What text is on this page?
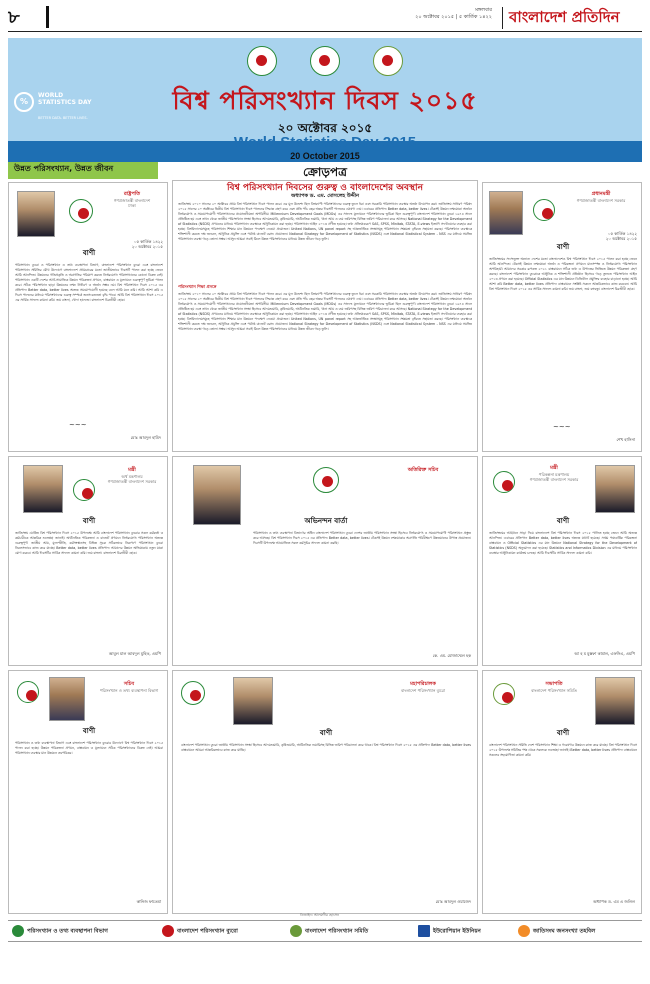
৮	মঙ্গলবার
২০ অক্টোবর ২০১৫ | ৫ কার্তিক ১৪২২	বাংলাদেশ প্রতিদিন
%
WORLD STATISTICS DAY
BETTER DATA. BETTER LIVES.
বিশ্ব পরিসংখ্যান দিবস ২০১৫
২০ অক্টোবর ২০১৫
World Statistics Day 2015
20 October 2015
উন্নত পরিসংখ্যান, উন্নত জীবন	ক্রোড়পত্র
রাষ্ট্রপতি
গণপ্রজাতন্ত্রী বাংলাদেশ
ঢাকা
০৫ কার্তিক ১৪২২
২০ অক্টোবর ২০১৫
বাণী
পরিসংখ্যান ব্যুরো ও পরিসংখ্যান ও তথ্য ব্যবস্থাপনা বিভাগ, বাংলাদেশ পরিসংখ্যান ব্যুরো এবং বাংলাদেশ পরিসংখ্যান সমিতির যৌথ উদ্যোগে বাংলাদেশে প্রথমবারের মতো জাতীয়ভাবে দিবসটি পালন করা হচ্ছে জেনে আমি আনন্দিত। উন্নয়নের গতিপ্রকৃতি ও অগ্রগতির পরিমাপ করতে নির্ভরযোগ্য পরিসংখ্যানের কোনো বিকল্প নেই। পরিসংখ্যান একটি দেশের আর্থ-সামাজিক উন্নয়ন পরিকল্পনা প্রণয়ন, বাস্তবায়ন ও মূল্যায়নে গুরুত্বপূর্ণ ভূমিকা পালন করে। সঠিক পরিসংখ্যান ছাড়া উন্নয়নের লক্ষ্য নির্ধারণ ও অর্জন সম্ভব নয়। বিশ্ব পরিসংখ্যান দিবস ২০১৫ এর প্রতিপাদ্য Better data, better lives অত্যন্ত সময়োপযোগী হয়েছে বলে আমি মনে করি। আমি আশা করি এ দিবস পালনের মাধ্যমে পরিসংখ্যানের গুরুত্ব সম্পর্কে জনসচেতনতা বৃদ্ধি পাবে। আমি বিশ্ব পরিসংখ্যান দিবস ২০১৫ এর সার্বিক সাফল্য কামনা করি। জয় বাংলা, খোদা হাফেজ। বাংলাদেশ চিরজীবী হোক।
~~~
মোঃ আবদুল হামিদ
বিশ্ব পরিসংখ্যান দিবসের গুরুত্ব ও বাংলাদেশের অবস্থান
অধ্যাপক ড. এম. মোসলেহ উদ্দীন
জাতিসংঘ ২০১০ সালের ২০ অক্টোবর প্রথম বিশ্ব পরিসংখ্যান দিবস পালন করে। এর মূল উদ্দেশ্য ছিল বিশ্বব্যাপী পরিসংখ্যানের গুরুত্ব তুলে ধরা এবং সরকারি পরিসংখ্যান ব্যবস্থার অর্জন উদযাপন করা। জাতিসংঘ সাধারণ পরিষদ ২০১৫ সালের ২০ অক্টোবর দ্বিতীয় বিশ্ব পরিসংখ্যান দিবস পালনের সিদ্ধান্ত গ্রহণ করে এবং প্রতি পাঁচ বছর অন্তর দিবসটি পালনের ঘোষণা দেয়। এবারের প্রতিপাদ্য Better data, better lives। টেকসই উন্নয়ন লক্ষ্যমাত্রা অর্জনে নির্ভরযোগ্য ও সময়োপযোগী পরিসংখ্যানের প্রয়োজনীয়তা অপরিসীম। Millennium Development Goals (MDGs) এর সাফল্য মূল্যায়নে পরিসংখ্যানের ভূমিকা ছিল গুরুত্বপূর্ণ। বাংলাদেশ পরিসংখ্যান ব্যুরো ১৯৭৪ সালে প্রতিষ্ঠিত হয় এবং তখন থেকে জাতীয় পরিসংখ্যান সংস্থা হিসেবে আদমশুমারি, কৃষিশুমারি, অর্থনৈতিক শুমারি, খানা আয় ও ব্যয় জরিপসহ বিভিন্ন জরিপ পরিচালনা করে আসছে। National Strategy for the Development of Statistics (NSDS) প্রণয়নের মাধ্যমে পরিসংখ্যান ব্যবস্থাকে আধুনিকায়ন করা হচ্ছে। পরিসংখ্যান আইন ২০১৩ প্রণীত হয়েছে। তথ্য প্রক্রিয়াকরণে SAS, SPSS, Minitab, STATA, E-views ইত্যাদি সফটওয়্যার ব্যবহার করা হচ্ছে। বিশ্ববিদ্যালয়সমূহে পরিসংখ্যান শিক্ষার মান উন্নয়নে পদক্ষেপ নেওয়া প্রয়োজন। United Nations, UN panel report সহ আন্তর্জাতিক সংস্থাসমূহ পরিসংখ্যান সক্ষমতা বৃদ্ধিতে সহায়তা করছে। পরিসংখ্যান ব্যবস্থাকে শক্তিশালী করতে দক্ষ জনবল, আধুনিক প্রযুক্তি এবং পর্যাপ্ত বাজেট বরাদ্দ প্রয়োজন। National Strategy for Development of Statistics (NSDS) এবং National Statistical System - NSS এর মাধ্যমে সমন্বিত পরিসংখ্যান ব্যবস্থা গড়ে তোলা সম্ভব। আসুন আমরা সবাই মিলে উন্নত পরিসংখ্যানের মাধ্যমে উন্নত জীবন গড়ে তুলি।
পরিসংখ্যান শিক্ষা প্রসঙ্গে
জাতিসংঘ ২০১০ সালের ২০ অক্টোবর প্রথম বিশ্ব পরিসংখ্যান দিবস পালন করে। এর মূল উদ্দেশ্য ছিল বিশ্বব্যাপী পরিসংখ্যানের গুরুত্ব তুলে ধরা এবং সরকারি পরিসংখ্যান ব্যবস্থার অর্জন উদযাপন করা। জাতিসংঘ সাধারণ পরিষদ ২০১৫ সালের ২০ অক্টোবর দ্বিতীয় বিশ্ব পরিসংখ্যান দিবস পালনের সিদ্ধান্ত গ্রহণ করে এবং প্রতি পাঁচ বছর অন্তর দিবসটি পালনের ঘোষণা দেয়। এবারের প্রতিপাদ্য Better data, better lives। টেকসই উন্নয়ন লক্ষ্যমাত্রা অর্জনে নির্ভরযোগ্য ও সময়োপযোগী পরিসংখ্যানের প্রয়োজনীয়তা অপরিসীম। Millennium Development Goals (MDGs) এর সাফল্য মূল্যায়নে পরিসংখ্যানের ভূমিকা ছিল গুরুত্বপূর্ণ। বাংলাদেশ পরিসংখ্যান ব্যুরো ১৯৭৪ সালে প্রতিষ্ঠিত হয় এবং তখন থেকে জাতীয় পরিসংখ্যান সংস্থা হিসেবে আদমশুমারি, কৃষিশুমারি, অর্থনৈতিক শুমারি, খানা আয় ও ব্যয় জরিপসহ বিভিন্ন জরিপ পরিচালনা করে আসছে। National Strategy for the Development of Statistics (NSDS) প্রণয়নের মাধ্যমে পরিসংখ্যান ব্যবস্থাকে আধুনিকায়ন করা হচ্ছে। পরিসংখ্যান আইন ২০১৩ প্রণীত হয়েছে। তথ্য প্রক্রিয়াকরণে SAS, SPSS, Minitab, STATA, E-views ইত্যাদি সফটওয়্যার ব্যবহার করা হচ্ছে। বিশ্ববিদ্যালয়সমূহে পরিসংখ্যান শিক্ষার মান উন্নয়নে পদক্ষেপ নেওয়া প্রয়োজন। United Nations, UN panel report সহ আন্তর্জাতিক সংস্থাসমূহ পরিসংখ্যান সক্ষমতা বৃদ্ধিতে সহায়তা করছে। পরিসংখ্যান ব্যবস্থাকে শক্তিশালী করতে দক্ষ জনবল, আধুনিক প্রযুক্তি এবং পর্যাপ্ত বাজেট বরাদ্দ প্রয়োজন। National Strategy for Development of Statistics (NSDS) এবং National Statistical System - NSS এর মাধ্যমে সমন্বিত পরিসংখ্যান ব্যবস্থা গড়ে তোলা সম্ভব। আসুন আমরা সবাই মিলে উন্নত পরিসংখ্যানের মাধ্যমে উন্নত জীবন গড়ে তুলি।
প্রধানমন্ত্রী
গণপ্রজাতন্ত্রী বাংলাদেশ সরকার
০৫ কার্তিক ১৪২২
২০ অক্টোবর ২০১৫
বাণী
জাতিসংঘের সদস্যভুক্ত অন্যান্য দেশের মতো বাংলাদেশেও বিশ্ব পরিসংখ্যান দিবস ২০১৫ পালন করা হচ্ছে জেনে আমি আনন্দিত। টেকসই উন্নয়ন লক্ষ্যমাত্রা অর্জন ও পরিকল্পনা প্রণয়নে মানসম্পন্ন ও নির্ভরযোগ্য পরিসংখ্যান অপরিহার্য। আমাদের সরকার রূপকল্প ২০২১ বাস্তবায়নে সঠিক তথ্য ও উপাত্তের ভিত্তিতে উন্নয়ন পরিকল্পনা গ্রহণ করছে। বাংলাদেশ পরিসংখ্যান ব্যুরোকে আধুনিক ও শক্তিশালী প্রতিষ্ঠান হিসেবে গড়ে তুলতে পরিসংখ্যান আইন ২০১৩ প্রণয়ন করা হয়েছে। Official Statistics এর মান উন্নয়নে ডিজিটাল প্রযুক্তির ব্যবহার বাড়ানো হচ্ছে। আমি আশা করি Better data, better lives প্রতিপাদ্য বাস্তবায়নে সংশ্লিষ্ট সকলে আন্তরিকভাবে কাজ করবেন। আমি বিশ্ব পরিসংখ্যান দিবস ২০১৫ এর সার্বিক সাফল্য কামনা করি। জয় বাংলা, জয় বঙ্গবন্ধু। বাংলাদেশ চিরজীবী হোক।
~~~
শেখ হাসিনা
মন্ত্রী
অর্থ মন্ত্রণালয়
গণপ্রজাতন্ত্রী বাংলাদেশ সরকার
বাণী
জাতিসংঘ ঘোষিত বিশ্ব পরিসংখ্যান দিবস ২০১৫ উপলক্ষে আমি বাংলাদেশ পরিসংখ্যান ব্যুরোর সকল কর্মকর্তা ও কর্মচারীকে আন্তরিক শুভেচ্ছা জানাই। অর্থনৈতিক পরিকল্পনা ও বাজেট প্রণয়নে নির্ভরযোগ্য পরিসংখ্যান অত্যন্ত গুরুত্বপূর্ণ। জাতীয় আয়, মূল্যস্ফীতি, কর্মসংস্থানসহ বিভিন্ন সূচক সঠিকভাবে নিরূপণে পরিসংখ্যান ব্যুরো নিরলসভাবে কাজ করে যাচ্ছে। Better data, better lives প্রতিপাদ্য আমাদের উন্নয়ন অভিযাত্রায় নতুন মাত্রা যোগ করবে। আমি দিবসটির সার্বিক সাফল্য কামনা করি। জয় বাংলা। বাংলাদেশ চিরজীবী হোক।
আবুল মাল আবদুল মুহিত, এমপি
অতিরিক্ত সচিব
অভিনন্দন বার্তা
পরিসংখ্যান ও তথ্য ব্যবস্থাপনা বিভাগের অধীন বাংলাদেশ পরিসংখ্যান ব্যুরো দেশের জাতীয় পরিসংখ্যান সংস্থা হিসেবে নির্ভরযোগ্য ও সময়োপযোগী পরিসংখ্যান প্রস্তুত করে আসছে। বিশ্ব পরিসংখ্যান দিবস ২০১৫ এর প্রতিপাদ্য Better data, better lives। টেকসই উন্নয়ন লক্ষ্যমাত্রার অগ্রগতি পরিবীক্ষণে উন্নতমানের উপাত্ত প্রয়োজন। দিবসটি উপলক্ষে আয়োজিত সকল কর্মসূচির সাফল্য কামনা করছি।
কে. এম. মোজাম্মেল হক
মন্ত্রী
পরিকল্পনা মন্ত্রণালয়
গণপ্রজাতন্ত্রী বাংলাদেশ সরকার
বাণী
জাতিসংঘের আহ্বানে সাড়া দিয়ে বাংলাদেশে বিশ্ব পরিসংখ্যান দিবস ২০১৫ পালিত হচ্ছে জেনে আমি অত্যন্ত আনন্দিত। এবারের প্রতিপাদ্য Better data, better lives অত্যন্ত যথার্থ হয়েছে। সপ্তম পঞ্চবার্ষিক পরিকল্পনা বাস্তবায়ন ও Official Statistics এর মান উন্নয়নে National Strategy for the Development of Statistics (NSDS) অনুমোদন করা হয়েছে। Statistics and Informatics Division এর মাধ্যমে পরিসংখ্যান ব্যবস্থার আধুনিকায়ন কার্যক্রম চলছে। আমি দিবসটির সার্বিক সাফল্য কামনা করি।
আ হ ম মুস্তফা কামাল, এফসিএ, এমপি
সচিব
পরিসংখ্যান ও তথ্য ব্যবস্থাপনা বিভাগ
বাণী
পরিসংখ্যান ও তথ্য ব্যবস্থাপনা বিভাগ এবং বাংলাদেশ পরিসংখ্যান ব্যুরোর উদ্যোগে বিশ্ব পরিসংখ্যান দিবস ২০১৫ পালন করা হচ্ছে। উন্নয়ন পরিকল্পনা প্রণয়ন, বাস্তবায়ন ও মূল্যায়নে সঠিক পরিসংখ্যানের বিকল্প নেই। আমরা পরিসংখ্যান ব্যবস্থার মান উন্নয়নে বদ্ধপরিকর।
কানিজ ফাতেমা
মহাপরিচালক
বাংলাদেশ পরিসংখ্যান ব্যুরো
বাণী
বাংলাদেশ পরিসংখ্যান ব্যুরো জাতীয় পরিসংখ্যান সংস্থা হিসেবে আদমশুমারি, কৃষিশুমারি, অর্থনৈতিক শুমারিসহ বিভিন্ন জরিপ পরিচালনা করে থাকে। বিশ্ব পরিসংখ্যান দিবস ২০১৫ এর প্রতিপাদ্য Better data, better lives বাস্তবায়নে আমরা আন্তরিকভাবে কাজ করে যাচ্ছি।
মোঃ আবদুল ওয়াজেদ
সভাপতি
বাংলাদেশ পরিসংখ্যান সমিতি
বাণী
বাংলাদেশ পরিসংখ্যান সমিতি দেশে পরিসংখ্যান শিক্ষা ও গবেষণার উন্নয়নে কাজ করে যাচ্ছে। বিশ্ব পরিসংখ্যান দিবস ২০১৫ উপলক্ষে সমিতির পক্ষ থেকে সকলকে শুভেচ্ছা জানাই। Better data, better lives প্রতিপাদ্য বাস্তবায়নে সকলের সহযোগিতা কামনা করি।
অধ্যাপক ড. এম এ জলিল
ডিজাইন: আলমগীর হোসেন
পরিসংখ্যান ও তথ্য ব্যবস্থাপনা বিভাগ	বাংলাদেশ পরিসংখ্যান ব্যুরো	বাংলাদেশ পরিসংখ্যান সমিতি	ইউরোপিয়ান ইউনিয়ন	জাতিসংঘ জনসংখ্যা তহবিল
